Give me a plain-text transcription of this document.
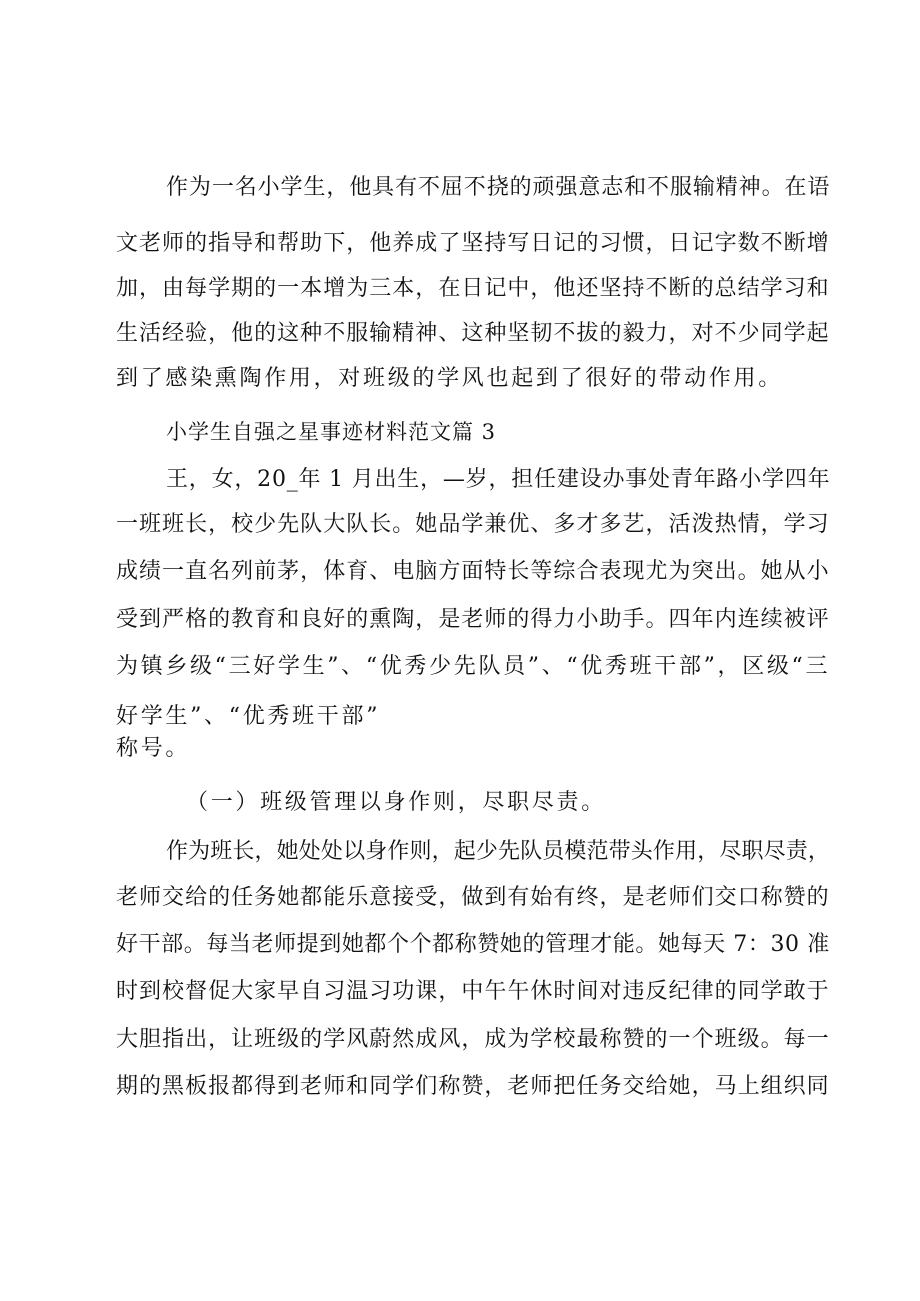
作为一名小学生，他具有不屈不挠的顽强意志和不服输精神。在语
文老师的指导和帮助下，他养成了坚持写日记的习惯，日记字数不断增
加，由每学期的一本增为三本，在日记中，他还坚持不断的总结学习和
生活经验，他的这种不服输精神、这种坚韧不拔的毅力，对不少同学起
到了感染熏陶作用，对班级的学风也起到了很好的带动作用。
小学生自强之星事迹材料范文篇 3
王，女，20_年 1 月出生，—岁，担任建设办事处青年路小学四年
一班班长，校少先队大队长。她品学兼优、多才多艺，活泼热情，学习
成绩一直名列前茅，体育、电脑方面特长等综合表现尤为突出。她从小
受到严格的教育和良好的熏陶，是老师的得力小助手。四年内连续被评
为镇乡级“三好学生”、“优秀少先队员”、“优秀班干部”，区级“三
好学生”、“优秀班干部”
称号。
（一）班级管理以身作则，尽职尽责。
作为班长，她处处以身作则，起少先队员模范带头作用，尽职尽责，
老师交给的任务她都能乐意接受，做到有始有终，是老师们交口称赞的
好干部。每当老师提到她都个个都称赞她的管理才能。她每天 7：30 准
时到校督促大家早自习温习功课，中午午休时间对违反纪律的同学敢于
大胆指出，让班级的学风蔚然成风，成为学校最称赞的一个班级。每一
期的黑板报都得到老师和同学们称赞，老师把任务交给她，马上组织同
